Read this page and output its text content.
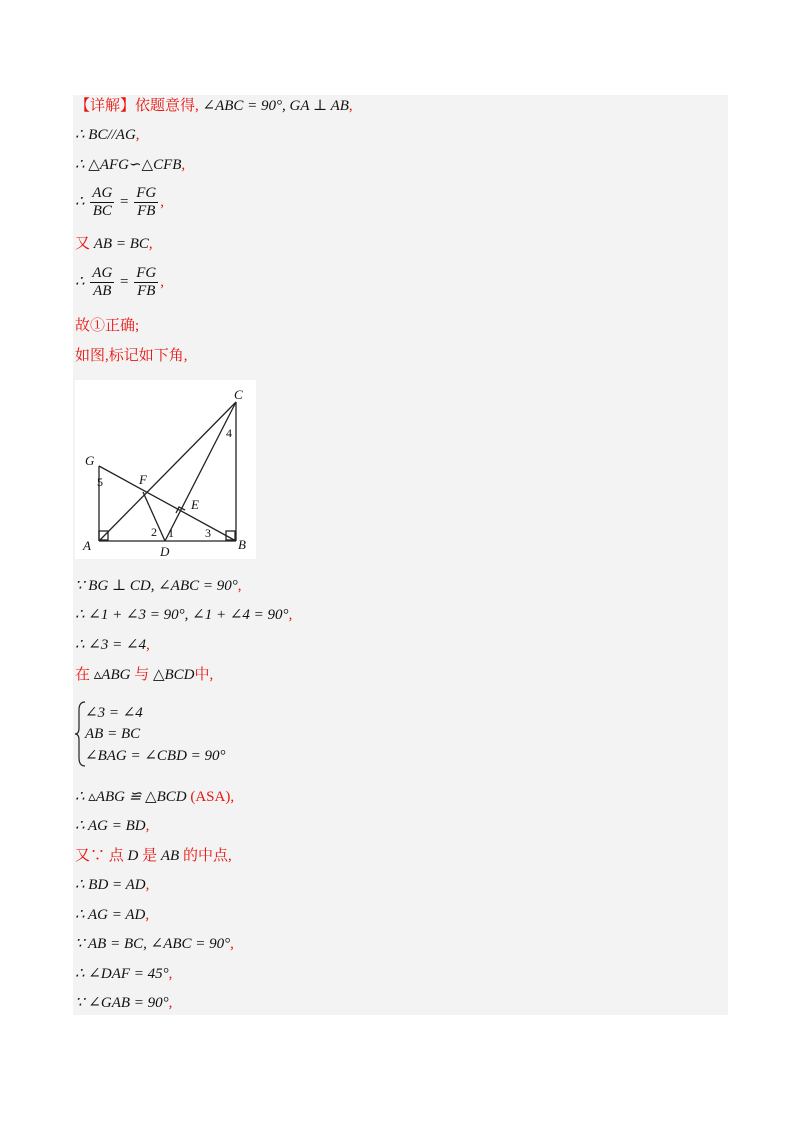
【详解】依题意得, ∠ABC = 90°, GA ⊥ AB,
∴ BC//AG,
∴ △AFG∽△CFB,
∴ $\frac{AG}{BC} = \frac{FG}{FB}$ ,
又 AB = BC,
∴ $\frac{AG}{AB} = \frac{FG}{FB}$ ,
故①正确;
如图,标记如下角,
C
G
F
E
A	D	B
1
2	3
4
5
∵ BG ⊥ CD, ∠ABC = 90°,
∴ ∠1 + ∠3 = 90°, ∠1 + ∠4 = 90°,
∴ ∠3 = ∠4,
在 ▵ABG 与 △BCD中,
∠3 = ∠4
AB = BC
∠BAG = ∠CBD = 90°
∴ ▵ABG ≌ △BCD (ASA),
∴ AG = BD,
又∵ 点 D 是 AB 的中点,
∴ BD = AD,
∴ AG = AD,
∵ AB = BC, ∠ABC = 90°,
∴ ∠DAF = 45°,
∵ ∠GAB = 90°,
